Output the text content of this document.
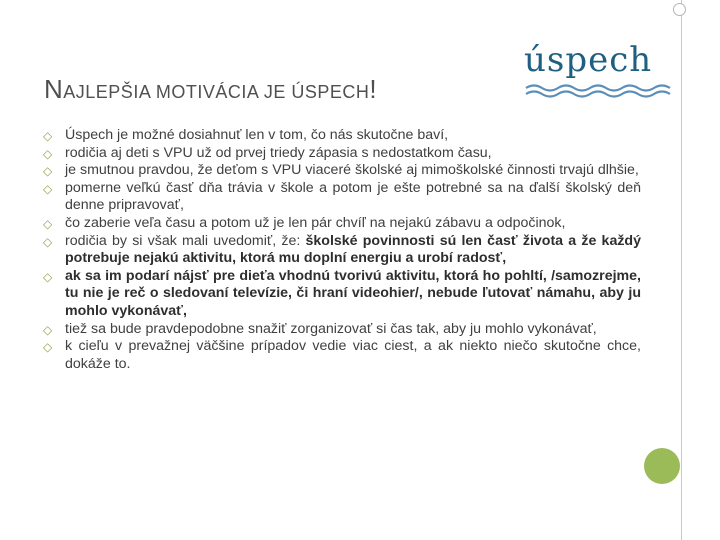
NAJLEPŠIA MOTIVÁCIA JE ÚSPECH!
úspech
◇ Úspech je možné dosiahnuť len v tom, čo nás skutočne baví,
◇ rodičia aj deti s VPU už od prvej triedy zápasia s nedostatkom času,
◇ je smutnou pravdou, že deťom s VPU viaceré školské aj mimoškolské činnosti trvajú dlhšie,
◇ pomerne veľkú časť dňa trávia v škole a potom je ešte potrebné sa na ďalší školský deň denne pripravovať,
◇ čo zaberie veľa času a potom už je len pár chvíľ na nejakú zábavu a odpočinok,
◇ rodičia by si však mali uvedomiť, že: školské povinnosti sú len časť života a že každý potrebuje nejakú aktivitu, ktorá mu doplní energiu a urobí radosť,
◇ ak sa im podarí nájsť pre dieťa vhodnú tvorivú aktivitu, ktorá ho pohltí, /samozrejme, tu nie je reč o sledovaní televízie, či hraní videohier/, nebude ľutovať námahu, aby ju mohlo vykonávať,
◇ tiež sa bude pravdepodobne snažiť zorganizovať si čas tak, aby ju mohlo vykonávať,
◇ k cieľu v prevažnej väčšine prípadov vedie viac ciest, a ak niekto niečo skutočne chce, dokáže to.
